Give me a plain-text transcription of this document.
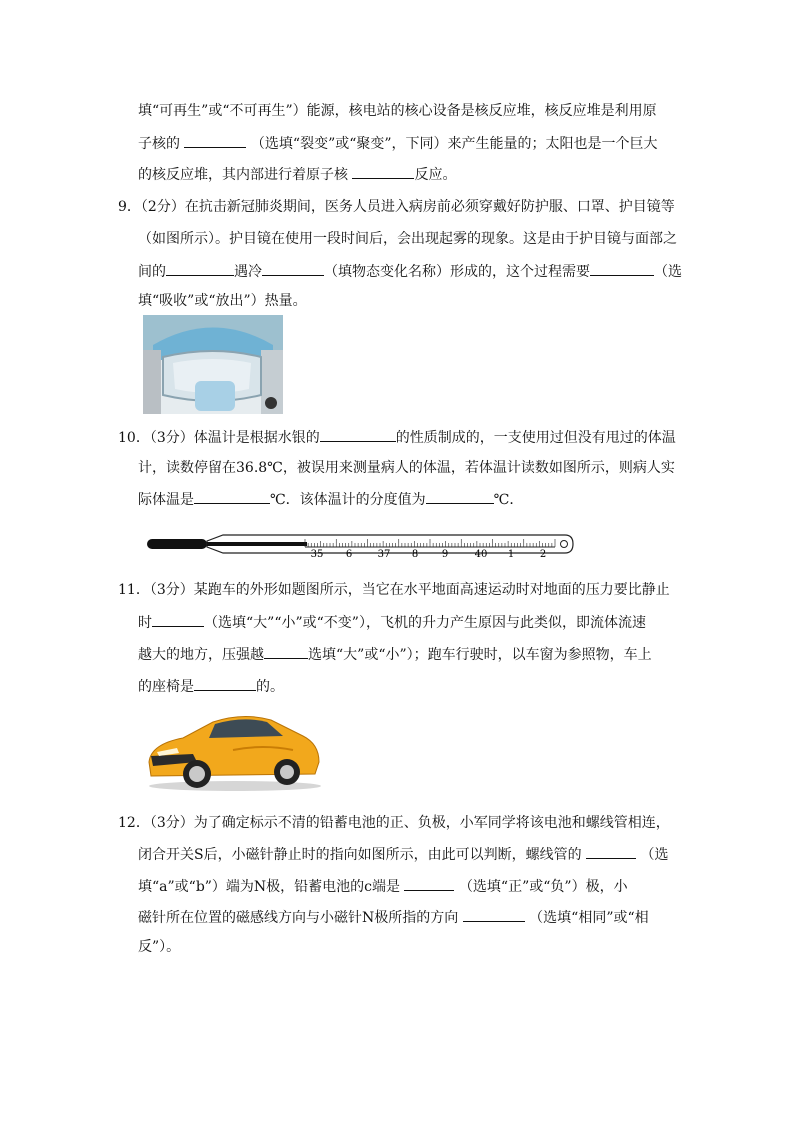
填“可再生”或“不可再生”）能源，核电站的核心设备是核反应堆，核反应堆是利用原
子核的	（选填“裂变”或“聚变”，下同）来产生能量的；太阳也是一个巨大
的核反应堆，其内部进行着原子核	反应。
9．（2分）在抗击新冠肺炎期间，医务人员进入病房前必须穿戴好防护服、口罩、护目镜等
（如图所示）。护目镜在使用一段时间后，会出现起雾的现象。这是由于护目镜与面部之
间的	遇冷	（填物态变化名称）形成的，这个过程需要	（选
填“吸收”或“放出”）热量。
10．（3分）体温计是根据水银的	的性质制成的，一支使用过但没有甩过的体温
计，读数停留在36.8℃，被误用来测量病人的体温，若体温计读数如图所示，则病人实
际体温是	℃．该体温计的分度值为	℃．
35 6	37 8 9	40 1	2
11．（3分）某跑车的外形如题图所示，当它在水平地面高速运动时对地面的压力要比静止
时	（选填“大”“小”或“不变”），飞机的升力产生原因与此类似，即流体流速
越大的地方，压强越	选填“大”或“小”）；跑车行驶时，以车窗为参照物，车上
的座椅是	的。
12．（3分）为了确定标示不清的铅蓄电池的正、负极，小军同学将该电池和螺线管相连，
闭合开关S后，小磁针静止时的指向如图所示，由此可以判断，螺线管的	（选
填“a”或“b”）端为N极，铅蓄电池的c端是	（选填“正”或“负”）极，小
磁针所在位置的磁感线方向与小磁针N极所指的方向	（选填“相同”或“相
反”）。
